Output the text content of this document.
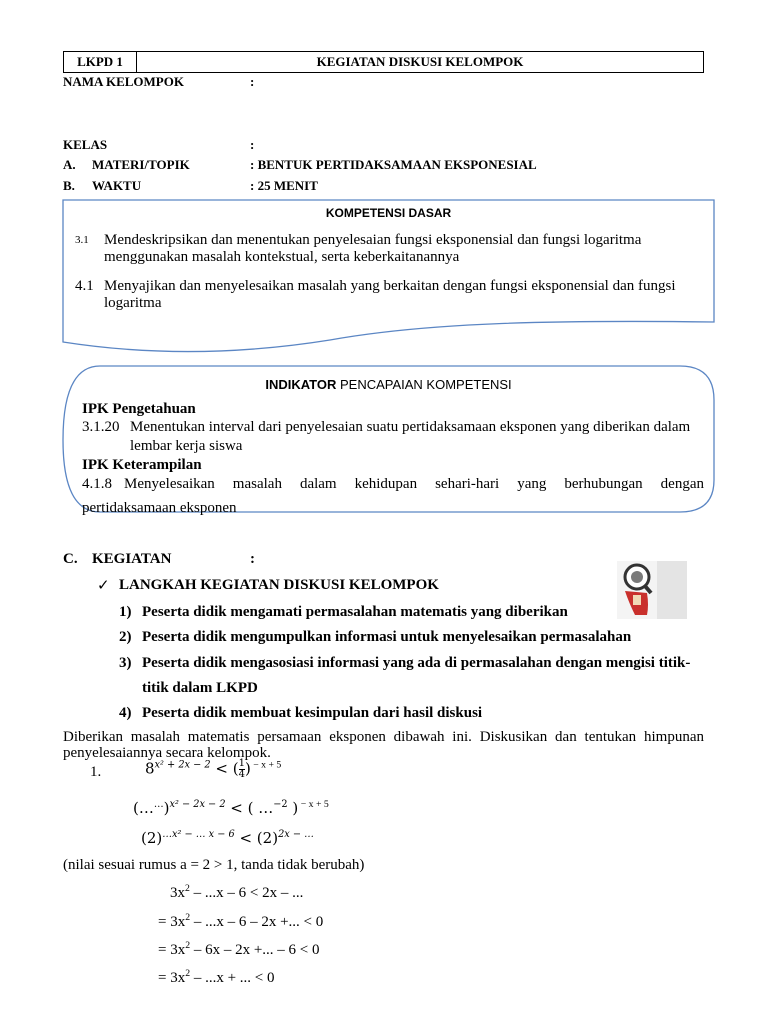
LKPD 1	KEGIATAN DISKUSI KELOMPOK
NAMA KELOMPOK	:
KELAS	:
A. MATERI/TOPIK	: BENTUK PERTIDAKSAMAAN EKSPONESIAL
B. WAKTU	: 25 MENIT
KOMPETENSI DASAR
3.1 Mendeskripsikan dan menentukan penyelesaian fungsi eksponensial dan fungsi logaritma
menggunakan masalah kontekstual, serta keberkaitanannya
4.1 Menyajikan dan menyelesaikan masalah yang berkaitan dengan fungsi eksponensial dan fungsi
logaritma
INDIKATOR PENCAPAIAN KOMPETENSI
IPK Pengetahuan
3.1.20 Menentukan interval dari penyelesaian suatu pertidaksamaan eksponen yang diberikan dalam
lembar kerja siswa
IPK Keterampilan
4.1.8 Menyelesaikan masalah dalam kehidupan sehari-hari yang berhubungan dengan
pertidaksamaan eksponen
C. KEGIATAN	:
✓ LANGKAH KEGIATAN DISKUSI KELOMPOK
1) Peserta didik mengamati permasalahan matematis yang diberikan
2) Peserta didik mengumpulkan informasi untuk menyelesaikan permasalahan
3) Peserta didik mengasosiasi informasi yang ada di permasalahan dengan mengisi titik-
titik dalam LKPD
4) Peserta didik membuat kesimpulan dari hasil diskusi
Diberikan masalah matematis persamaan eksponen dibawah ini. Diskusikan dan tentukan himpunan
penyelesaiannya secara kelompok.
1.	$8^{x^2 + 2x - 2}$ < ( $\frac{1}{4}$ ) $^{- x + 5}$
(……)$^{x^2 - 2x - 2}$ < ( …$^{-2}$ ) $^{- x + 5}$
$(2)^{\dots x^2 - \dots x - 6} < (2)^{2x - \dots}$
(nilai sesuai rumus a = 2 > 1, tanda tidak berubah)
$3x^2 - ...x - 6 < 2x$ – ...
= $3x^2$ – ...x – 6 – 2x +... < 0
= $3x^2 - 6x - 2x$ +... – 6 < 0
= $3x^2$ – ...x + ... < 0
